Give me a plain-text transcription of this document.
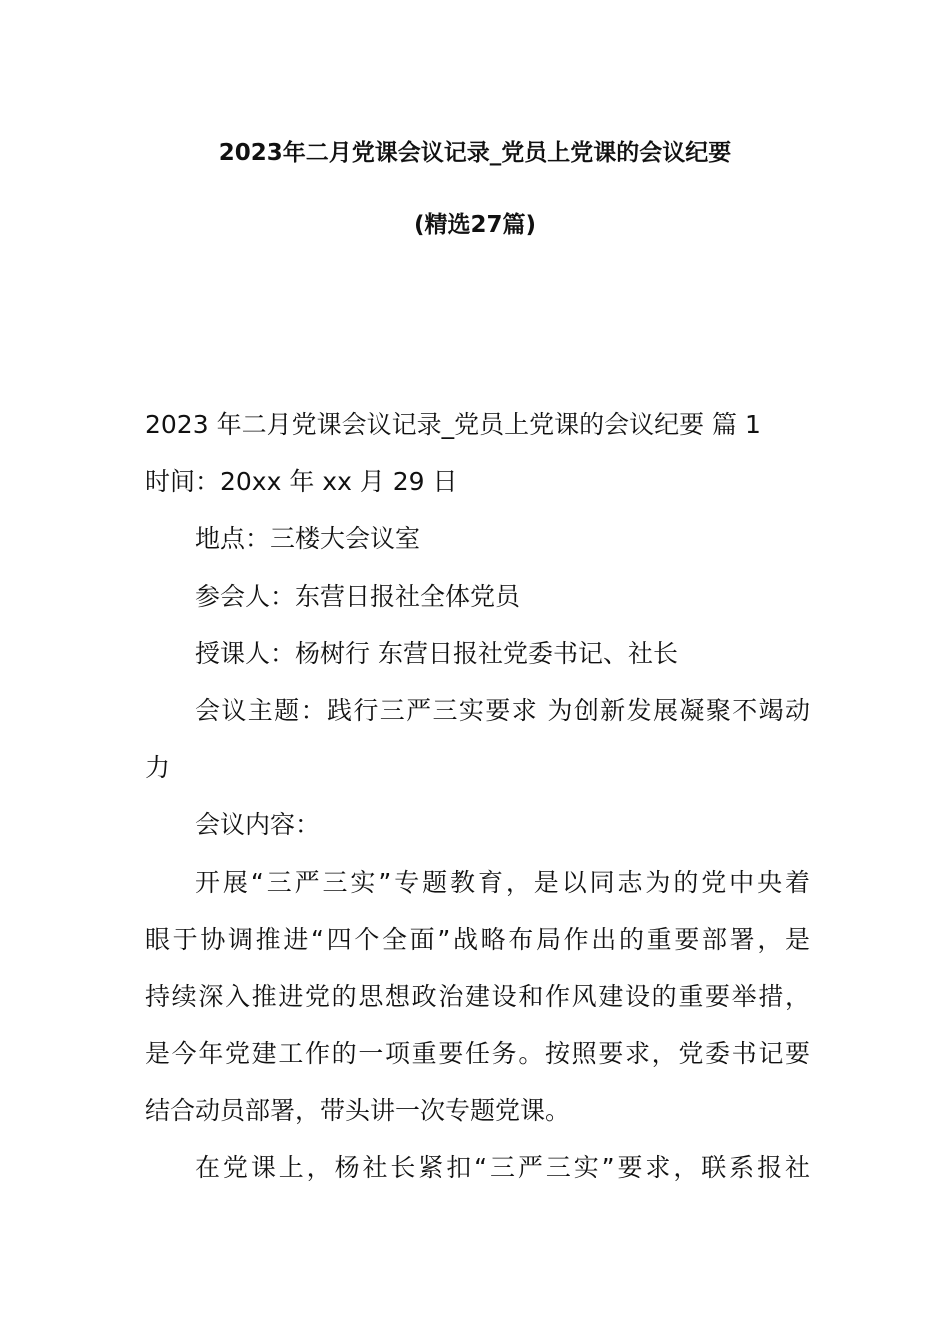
2023年二月党课会议记录_党员上党课的会议纪要
(精选27篇)
2023 年二月党课会议记录_党员上党课的会议纪要 篇 1
时间：20xx 年 xx 月 29 日
地点：三楼大会议室
参会人：东营日报社全体党员
授课人：杨树行 东营日报社党委书记、社长
会议主题：践行三严三实要求 为创新发展凝聚不竭动
力
会议内容：
开展“三严三实”专题教育，是以同志为的党中央着
眼于协调推进“四个全面”战略布局作出的重要部署，是
持续深入推进党的思想政治建设和作风建设的重要举措，
是今年党建工作的一项重要任务。按照要求，党委书记要
结合动员部署，带头讲一次专题党课。
在党课上，杨社长紧扣“三严三实”要求，联系报社
